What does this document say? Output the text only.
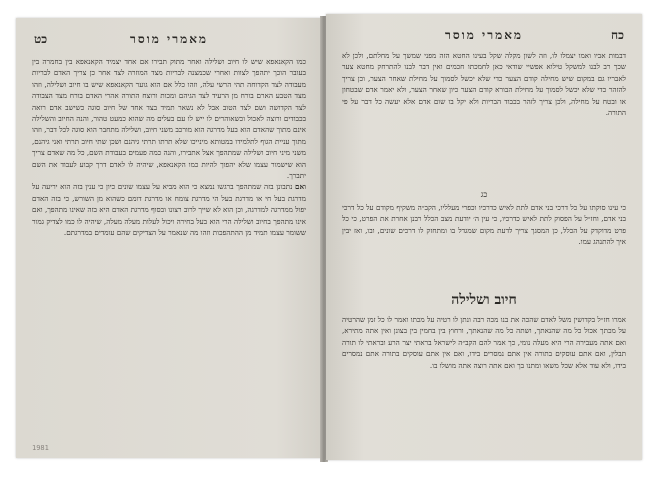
כט	מאמרי מוסר
כמו הקאנאפא שיש לו חיוב ושלילה ואחר מתוק תבירו אם אחד יצמיד הקאנאפא בין בחמרה בין בעובר הוכך יתהפך לצוות ואחרי שכמצנה לבריות מצד המוזרה לצד אחר כן צריך האדם לבריות מעבודה לצד הקדוחה תהי הרשי עלה, וזהו כלל אם הוא גוער הקאנאפא שיש בו חיוב ושלילה, וזהו מצד הטבע הארם בורח מן הרעיד לצד הגיהם ומכות ורוצח התורה אהרי האדם בורח מצד הצבודה לצד הקדושה ושם לצד הטוב אבל לא נשאר תמיד בצד אחד של חיוב סוגה כשישב אדם רואה בכבודים ורוצה לאכול וכשאוהרים לו ייש לו עם בעלים מה שהוא כמעט טהור, והנה החיוב והשלילה אינם מתוך שהאדם הוא בעל מדרגה הוא מורכב משני חיוב, ושלילה מתחבר הוא סוגה לכל דבר, וזהו מתוך עניית הגוף לתלמידו במטותא מינייכו שלא תרתו תרתי גיהנם ושכן שתי חיוב תרתי ואני גיהנם, משני מיני חיוב ושלילה שמתהפך אצל אתבירו, והנה כמה פעמים בעבודת השם, כל מה שאדם צריך הוא שישמור עצמו שלא יהפוך להיות כמו הקאנאפא, שיהיה לו לאדם דרך קבוע לעבוד את השם יתברך.
ואם נתבונן בזה שמתהפך ברגשו נמצא כי הוא מביא על עצמו שונים כיון כי ענין בזה הוא יריעה על מדרגת בעל חי או מדרגת בעל הי מדרגת צומח או מדרגת דומם כשהוא מן השורש, כי בזה האדם יפול ממדרגה למדרגה, וכן הוא לא שייך לרוב רצונו ובסוף מדרגת האדם היא בזה שאינו מתהפך, ואם אינו מתהפך בחיוב ושלילה הרי הוא בעל בחירה ויכול לעלות מעלה מעלה, שיהיה לו כמו לצדיק גמור ששומר עצמו תמיד מן ההתהפכות וזהו מה שנאמר על הצדיקים שהם עומדים במדרגתם.
1981
כח
מאמרי מוסר
דבמות אביו ואמו יצמלו לו, וזה לשון מקלה שקל בעינו החטא הזה מפני שמשך על מחלתם, ולכן לא שכך רב לבנו למשקל טילוא אפשיי שודאי כאן לחמכתו חכמים ואין דבר לבנו להתרחק מחטא צער לאבריו גם במקום שיש מחילה קודם הצער כדי שלא יכשל לסמוך על מחילת שאחר הצער, וכן צריך להזהר כדי שלא יכשל לסמוך על מחילת הבורא קודם הצער כיון שאחר הצער, ולא יאמר אדם שבטחון או ובטח על מחילה, ולכן צריך לזהר בכבוד הבריות ולא יקל בו שום אדם אלא יעשה כל דבר על פי התורה.
כג
כי עינו סוקתו על כל דרכי בני אדם לתת לאיש כדרכיו וכפרי מעלליו, הקב״ה משקיף מקודם על כל דרכי בני אדם, וחז״ל על הפסוק לתת לאיש כדרכיו, כי עין ה׳ יודעת מצב הכלל רבנן אחרת את הפרט, כי כל פרט מדוקדק על הכלל, כן המסגך צריך לדעת מקום שמגדל בו ומתחזק לו דרכים שונים, ובו, ואז יבין איך להתנהג עמו.
חיוב ושלילה
אמרו חז״ל בקדושין משל לאדם שהכה את בנו מכה רבה ונתן לו רטיה על מכתו ואמר לו כל זמן שהרטיה על מכתך אכול כל מה שהנאתך, ושתה כל מה שהנאתך, ורחוץ בין בחמין בין בצונן ואין אתה מתירא, ואם אתה מעבירה הרי היא מעלה נומי, כך אמר להם הקב״ה לישראל בראתי יצר הרע ובראתי לו תורה תבלין, ואם אתם עוסקים בתורה אין אתם נמסרים בידו, ואם אין אתם עוסקים בתורה אתם נמסרים בידו, ולא עוד אלא שכל משאו ומתנו בך ואם אתה רוצה אתה מושלו בו.
